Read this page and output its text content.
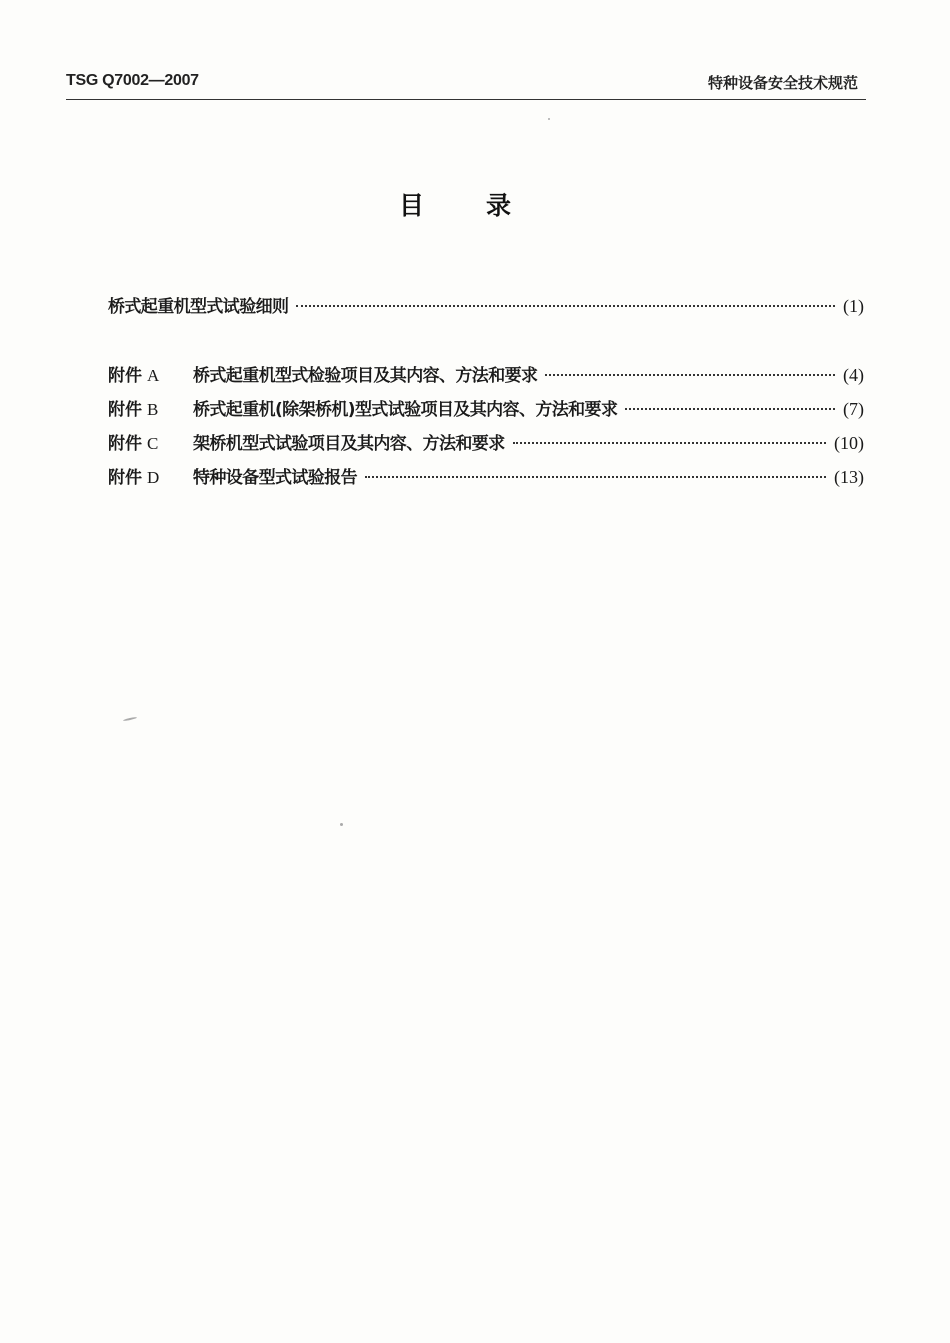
TSG Q7002—2007	特种设备安全技术规范
目录
桥式起重机型式试验细则	(1)
附件 A	桥式起重机型式检验项目及其内容、方法和要求	(4)
附件 B	桥式起重机(除架桥机)型式试验项目及其内容、方法和要求	(7)
附件 C	架桥机型式试验项目及其内容、方法和要求	(10)
附件 D	特种设备型式试验报告	(13)
